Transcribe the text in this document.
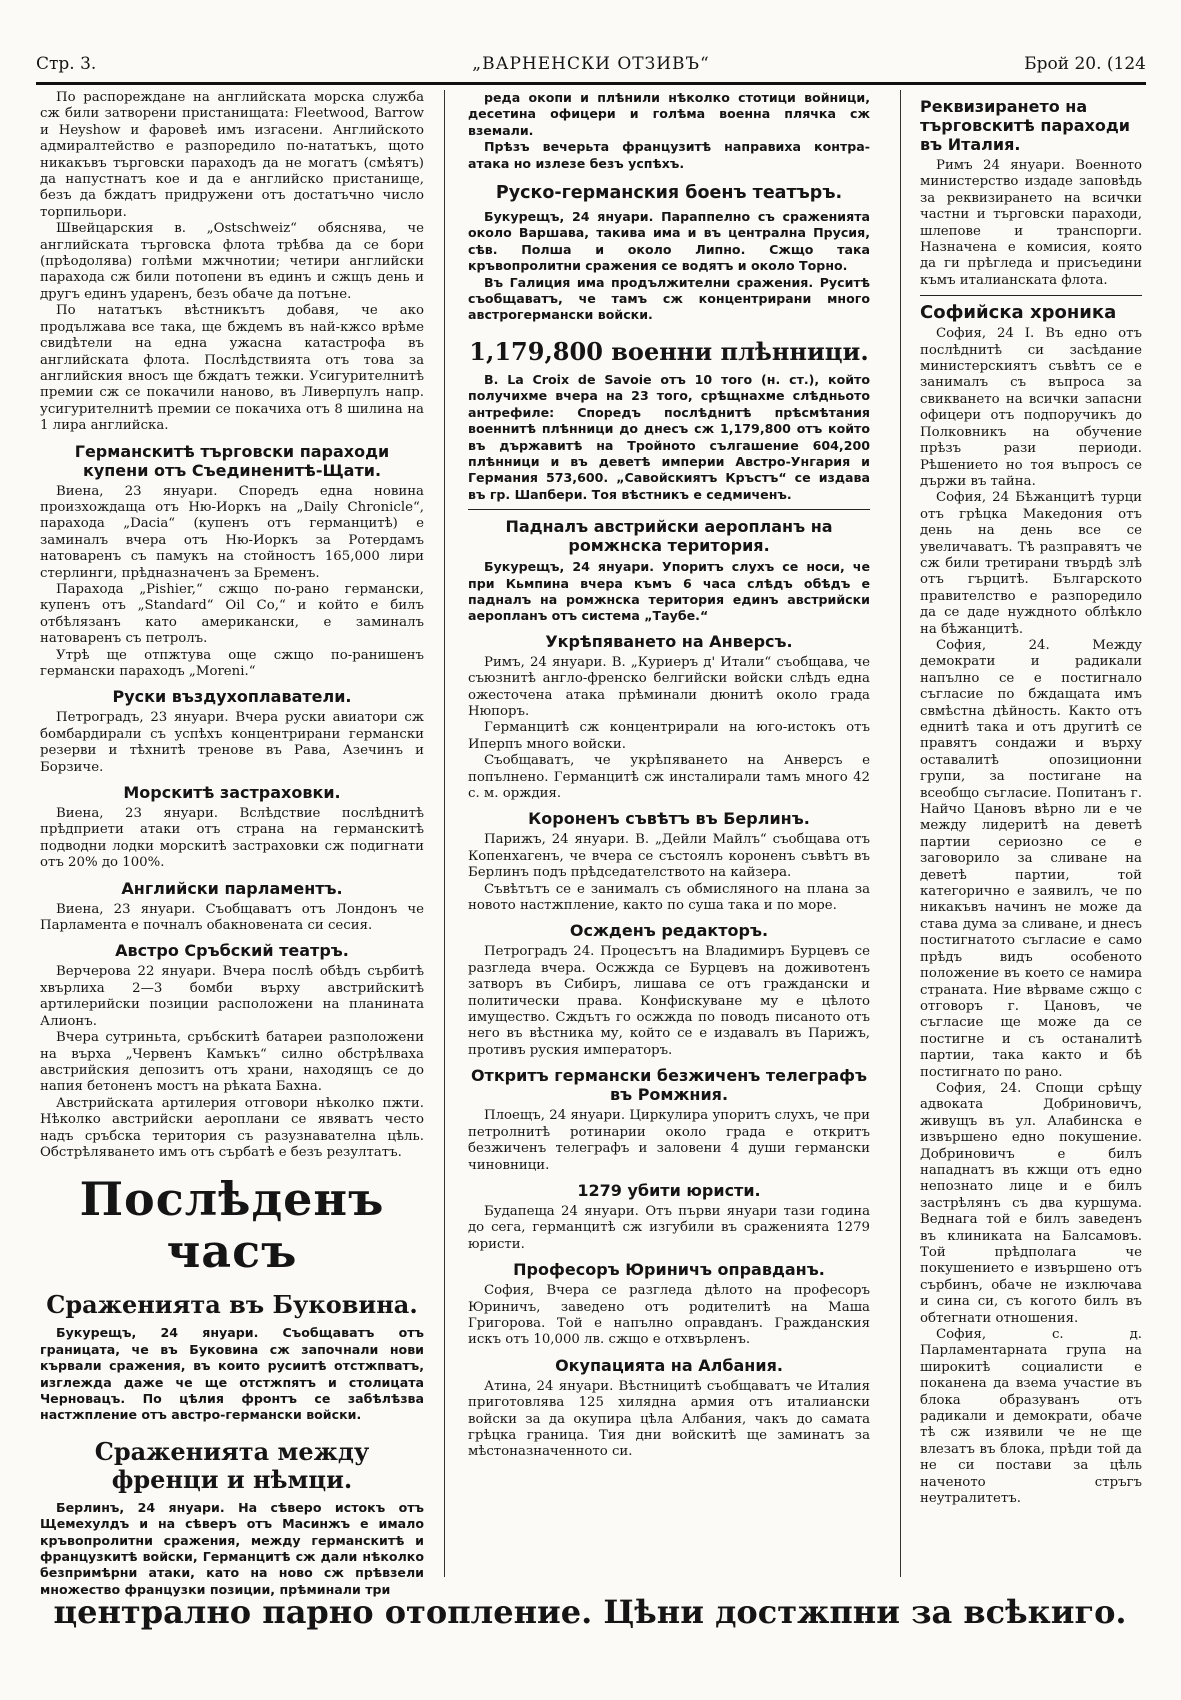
Стр. 3.	„ВАРНЕНСКИ ОТЗИВЪ“	Брой 20. (124

По распореждане на английската морска служба сж били затворени пристанищата: Fleetwood, Barrow и Heyshow и фаровеѣ имъ изгасени. Английското адмиралтейство е разпоредило по-нататъкъ, щото никакъвъ търговски параходъ да не могатъ (смѣятъ) да напустнатъ кое и да е английско пристанище, безъ да бждатъ придружени отъ достатъчно число торпильори.

Швейцарския в. „Ostschweiz“ обяснява, че английската търговска флота трѣбва да се бори (прѣодолява) голѣми мжчнотии; четири английски парахода сж били потопени въ единъ и сжщъ день и другъ единъ ударенъ, безъ обаче да потъне.

По нататъкъ вѣстникътъ добавя, че ако продължава все така, ще бждемъ въ най-кжсо врѣме свидѣтели на една ужасна катастрофа въ английската флота. Послѣдствията отъ това за английския вносъ ще бждатъ тежки. Усигурителнитѣ премии сж се покачили наново, въ Ливерпулъ напр. усигурителнитѣ премии се покачиха отъ 8 шилина на 1 лира английска.

Германскитѣ търговски параходи купени отъ Съединенитѣ-Щати.

Виена, 23 януари. Споредъ една новина произхождаща отъ Ню-Иоркъ на „Daily Chronicle“, парахода „Dacia“ (купенъ отъ германцитѣ) е заминалъ вчера отъ Ню-Иоркъ за Ротердамъ натоваренъ съ памукъ на стойностъ 165,000 лири стерлинги, прѣдназначенъ за Бременъ.

Парахода „Pishier,“ сжщо по-рано германски, купенъ отъ „Standard“ Oil Co,“ и който е билъ отбѣлязанъ като американски, е заминалъ натоваренъ съ петролъ.

Утрѣ ще отпжтува още сжщо по-ранишенъ германски параходъ „Moreni.“

Руски въздухоплаватели.

Петроградъ, 23 януари. Вчера руски авиатори сж бомбардирали съ успѣхъ концентрирани германски резерви и тѣхнитѣ тренове въ Рава, Азечинъ и Борзиче.

Морскитѣ застраховки.

Виена, 23 януари. Вслѣдствие послѣднитѣ прѣдприети атаки отъ страна на германскитѣ подводни лодки морскитѣ застраховки сж подигнати отъ 20% до 100%.

Английски парламентъ.

Виена, 23 януари. Съобщаватъ отъ Лондонъ че Парламента е почналъ обакновената си сесия.

Австро Сръбский театръ.

Верчерова 22 януари. Вчера послѣ обѣдъ сърбитѣ хвърлиха 2—3 бомби върху австрийскитѣ артилерийски позиции расположени на планината Алионъ.

Вчера сутриньта, сръбскитѣ батареи разположени на върха „Червенъ Камъкъ“ силно обстрѣлваха австрийския депозитъ отъ храни, находящъ се до напия бетоненъ мостъ на рѣката Бахна.

Австрийската артилерия отговори нѣколко пжти. Нѣколко австрийски аероплани се явяватъ често надъ сръбска територия съ разузнавателна цѣль. Обстрѣляването имъ отъ сърбатѣ е безъ резултатъ.

Послѣденъ часъ
Сраженията въ Буковина.

Букурещъ, 24 януари. Съобщаватъ отъ границата, че въ Буковина сж започнали нови кървали сражения, въ които русиитѣ отстжпватъ, изглежда даже че ще отстжпятъ и столицата Черновацъ. По цѣлия фронтъ се забѣлѣзва настжпление отъ австро-германски войски.

Сраженията между френци и нѣмци.

Берлинъ, 24 януари. На сѣверо истокъ отъ Щемехулдъ и на сѣверъ отъ Масинжъ е имало кръвопролитни сражения, между германскитѣ и французкитѣ войски, Германцитѣ сж дали нѣколко безпримѣрни атаки, като на ново сж прѣвзели множество французки позиции, прѣминали три

реда окопи и плѣнили нѣколко стотици войници, десетина офицери и голѣма военна плячка сж вземали.

Прѣзъ вечерьта французитѣ направиха контра-атака но излезе безъ успѣхъ.

Руско-германския боенъ театъръ.

Букурещъ, 24 януари. Параппелно съ сраженията около Варшава, такива има и въ централна Прусия, сѣв. Полша и около Липно. Сжщо така кръвопролитни сражения се водятъ и около Торно.

Въ Галиция има продължителни сражения. Руситѣ съобщаватъ, че тамъ сж концентрирани много австрогермански войски.

1,179,800 военни плѣнници.

В. La Croix de Savoie отъ 10 того (н. ст.), който получихме вчера на 23 того, срѣщнахме слѣдньото антрефиле: Споредъ послѣднитѣ прѣсмѣтания военнитѣ плѣнници до днесъ сж 1,179,800 отъ който въ държавитѣ на Тройното сългашение 604,200 плѣнници и въ деветѣ империи Австро-Унгария и Германия 573,600. „Савойскиятъ Кръстъ“ се издава въ гр. Шапбери. Тоя вѣстникъ е седмиченъ.

Падналъ австрийски аеропланъ на ромжнска територия.

Букурещъ, 24 януари. Упоритъ слухъ се носи, че при Кьмпина вчера къмъ 6 часа слѣдъ обѣдъ е падналъ на ромжнска територия единъ австрийски аеропланъ отъ система „Таубе.“

Укрѣпяването на Анверсъ.

Римъ, 24 януари. В. „Куриеръ д' Итали“ съобщава, че съюзнитѣ англо-френско белгийски войски слѣдъ една ожесточена атака прѣминали дюнитѣ около града Нюпоръ.

Германцитѣ сж концентрирали на юго-истокъ отъ Иперпъ много войски.

Съобщаватъ, че укрѣпяването на Анверсъ е попълнено. Германцитѣ сж инсталирали тамъ много 42 с. м. орждия.

Короненъ съвѣтъ въ Берлинъ.

Парижъ, 24 януари. В. „Дейли Майлъ“ съобщава отъ Копенхагенъ, че вчера се състоялъ короненъ съвѣтъ въ Берлинъ подъ прѣдседателството на кайзера.

Съвѣтътъ се е занималъ съ обмисляного на плана за новото настжпление, както по суша така и по море.

Осжденъ редакторъ.

Петроградъ 24. Процесътъ на Владимиръ Бурцевъ се разгледа вчера. Осжжда се Бурцевъ на доживотенъ затворъ въ Сибиръ, лишава се отъ граждански и политически права. Конфискуване му е цѣлото имущество. Сждътъ го осжжда по поводъ писаното отъ него въ вѣстника му, който се е издавалъ въ Парижъ, противъ руския императоръ.

Откритъ германски безжиченъ телеграфъ въ Ромжния.

Плоещъ, 24 януари. Циркулира упоритъ слухъ, че при петролнитѣ ротинарии около града е откритъ безжиченъ телеграфъ и заловени 4 души германски чиновници.

1279 убити юристи.

Будапеща 24 януари. Отъ първи януари тази година до сега, германцитѣ сж изгубили въ сраженията 1279 юристи.

Професоръ Юриничъ оправданъ.

София, Вчера се разгледа дѣлото на професоръ Юриничъ, заведено отъ родителитѣ на Маша Григорова. Той е напълно оправданъ. Гражданския искъ отъ 10,000 лв. сжщо е отхвърленъ.

Окупацията на Албания.

Атина, 24 януари. Вѣстницитѣ съобщаватъ че Италия приготовлява 125 хилядна армия отъ италиански войски за да окупира цѣла Албания, чакъ до самата грѣцка граница. Тия дни войскитѣ ще заминатъ за мѣстоназначенното си.

Реквизирането на търговскитѣ параходи въ Италия.

Римъ 24 януари. Военното министерство издаде заповѣдь за реквизирането на всички частни и търговски параходи, шлепове и транспорги. Назначена е комисия, която да ги прѣгледа и присъедини къмъ италианската флота.

Софийска хроника

София, 24 I. Въ едно отъ послѣднитѣ си засѣдание министерскиятъ съвѣтъ се е занималъ съ въпроса за свикването на всички запасни офицери отъ подпоручикъ до Полковникъ на обучение прѣзъ рази периоди. Рѣшението но тоя въпросъ се държи въ тайна.

София, 24 Бѣжанцитѣ турци отъ грѣцка Македония отъ день на день все се увеличаватъ. Тѣ разправятъ че сж били третирани твърдѣ злѣ отъ гърцитѣ. Българското правителство е разпоредило да се даде нуждното облѣкло на бѣжанцитѣ.

София, 24. Между демократи и радикали напълно се е постигнало съгласие по бждащата имъ свмѣстна дѣйность. Както отъ еднитѣ така и отъ другитѣ се правятъ сондажи и върху оставалитѣ опозиционни групи, за постигане на всеобщо съгласие. Попитанъ г. Найчо Цановъ вѣрно ли е че между лидеритѣ на деветѣ партии сериозно се е заговорило за сливане на деветѣ партии, той категорично е заявилъ, че по никакъвъ начинъ не може да става дума за сливане, и днесъ постигнатото съгласие е само прѣдъ видъ особеното положение въ което се намира страната. Ние вѣрваме сжщо с отговоръ г. Цановъ, че съгласие ще може да се постигне и съ останалитѣ партии, така както и бѣ постигнато по рано.

София, 24. Спощи срѣщу адвоката Добриновичъ, живущъ въ ул. Алабинска е извършено едно покушение. Добриновичъ е билъ нападнатъ въ кжщи отъ едно непознато лице и е билъ застрѣлянъ съ два куршума. Веднага той е билъ заведенъ въ клиниката на Балсамовъ. Той прѣдполага че покушението е извършено отъ сърбинъ, обаче не изключава и сина си, съ когото билъ въ обтегнати отношения.

София, с. д. Парламентарната група на широкитѣ социалисти е поканена да взема участие въ блока образуванъ отъ радикали и демократи, обаче тѣ сж изявили че не ще влезатъ въ блока, прѣди той да не си постави за цѣль наченото стръгъ неутралитетъ.

централно парно отопление. Цѣни достжпни за всѣкиго.
